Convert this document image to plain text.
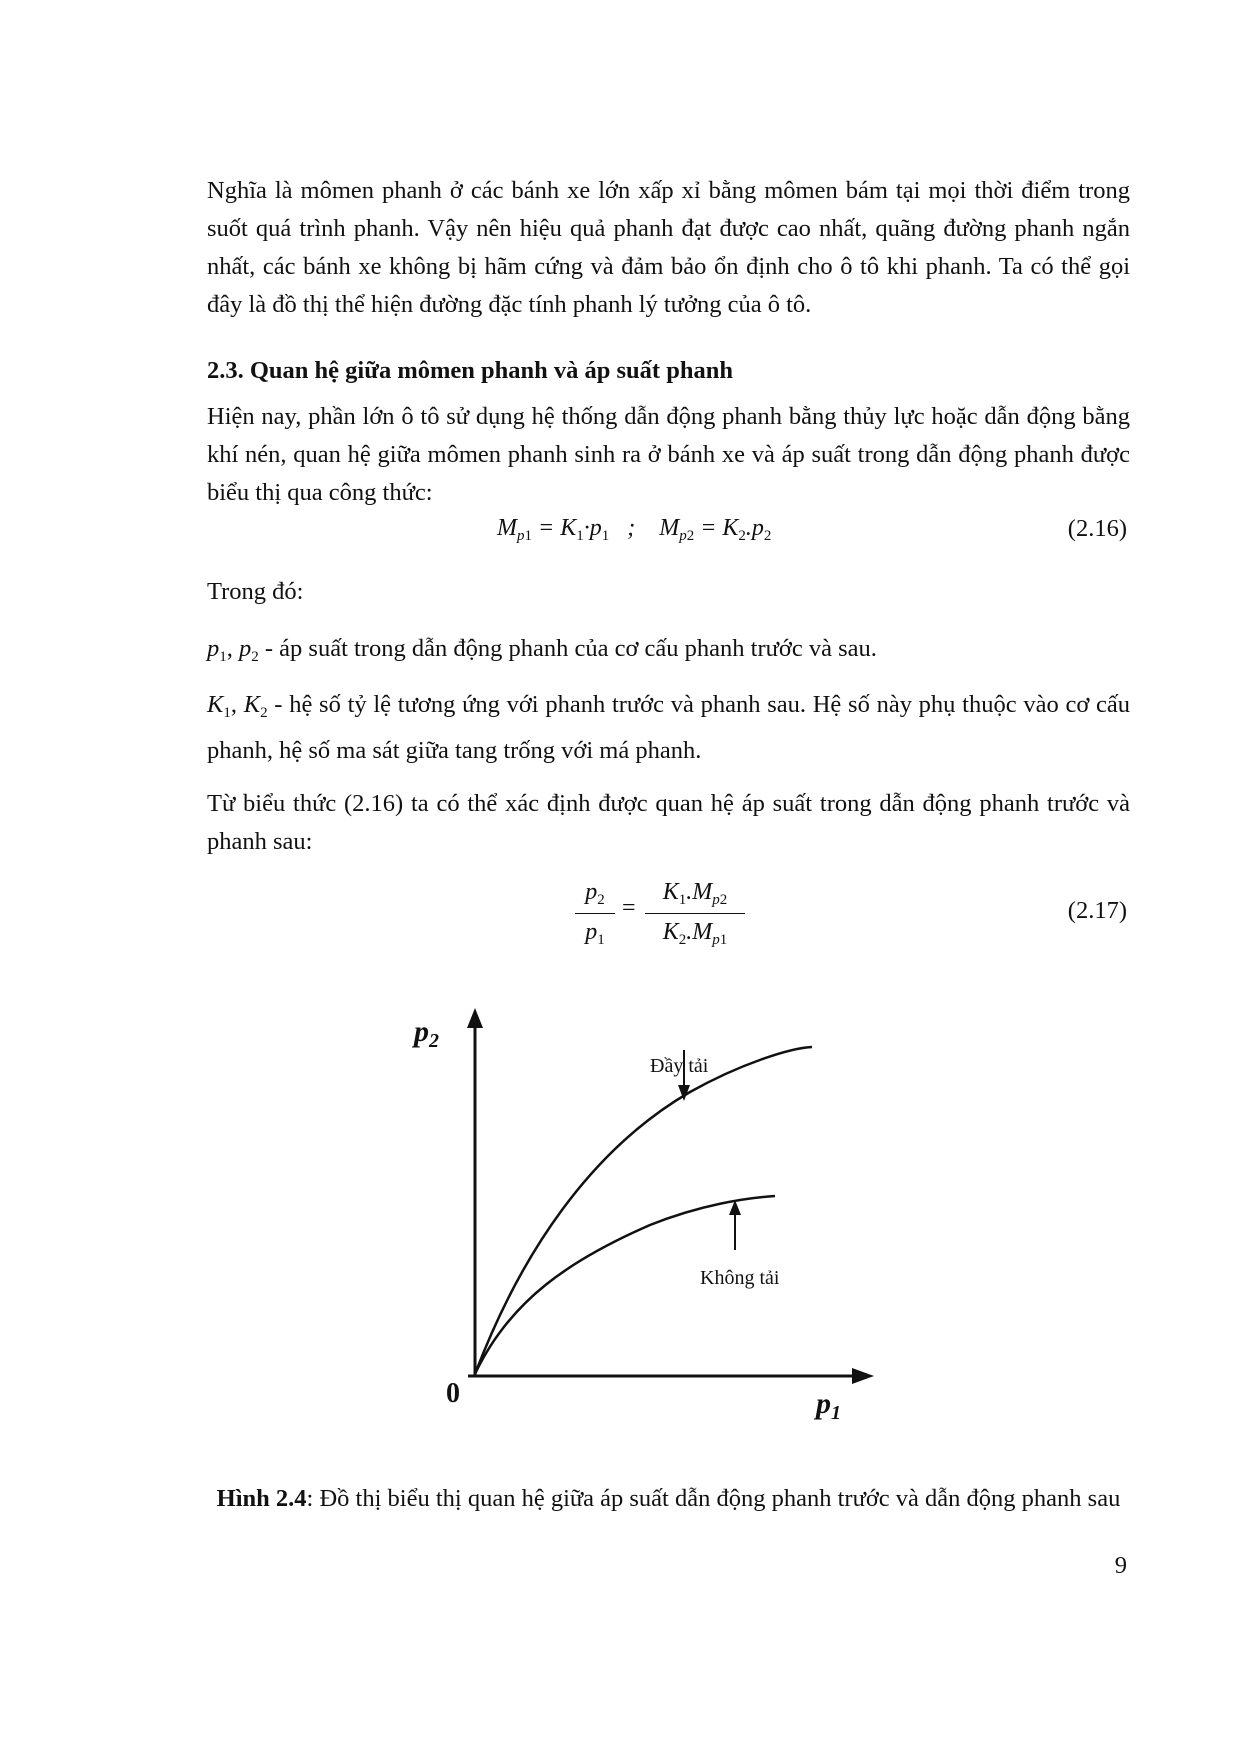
Nghĩa là mômen phanh ở các bánh xe lớn xấp xỉ bằng mômen bám tại mọi thời điểm trong suốt quá trình phanh. Vậy nên hiệu quả phanh đạt được cao nhất, quãng đường phanh ngắn nhất, các bánh xe không bị hãm cứng và đảm bảo ổn định cho ô tô khi phanh. Ta có thể gọi đây là đồ thị thể hiện đường đặc tính phanh lý tưởng của ô tô.

2.3. Quan hệ giữa mômen phanh và áp suất phanh

Hiện nay, phần lớn ô tô sử dụng hệ thống dẫn động phanh bằng thủy lực hoặc dẫn động bằng khí nén, quan hệ giữa mômen phanh sinh ra ở bánh xe và áp suất trong dẫn động phanh được biểu thị qua công thức:

$M_{p1} = K_1\cdot p_1$   ;    $M_{p2} = K_2.p_2$	(2.16)

Trong đó:

$p_1$, $p_2$ - áp suất trong dẫn động phanh của cơ cấu phanh trước và sau.

$K_1$, $K_2$ - hệ số tỷ lệ tương ứng với phanh trước và phanh sau. Hệ số này phụ thuộc vào cơ cấu phanh, hệ số ma sát giữa tang trống với má phanh.

Từ biểu thức (2.16) ta có thể xác định được quan hệ áp suất trong dẫn động phanh trước và phanh sau:

$p_2$
$p_1$
=
$K_1.M_{p2}$
$K_2.M_{p1}$
(2.17)
$p_2$
$p_1$
0
Đầy tải
Không tải

Hình 2.4: Đồ thị biểu thị quan hệ giữa áp suất dẫn động phanh trước và dẫn động phanh sau

9
